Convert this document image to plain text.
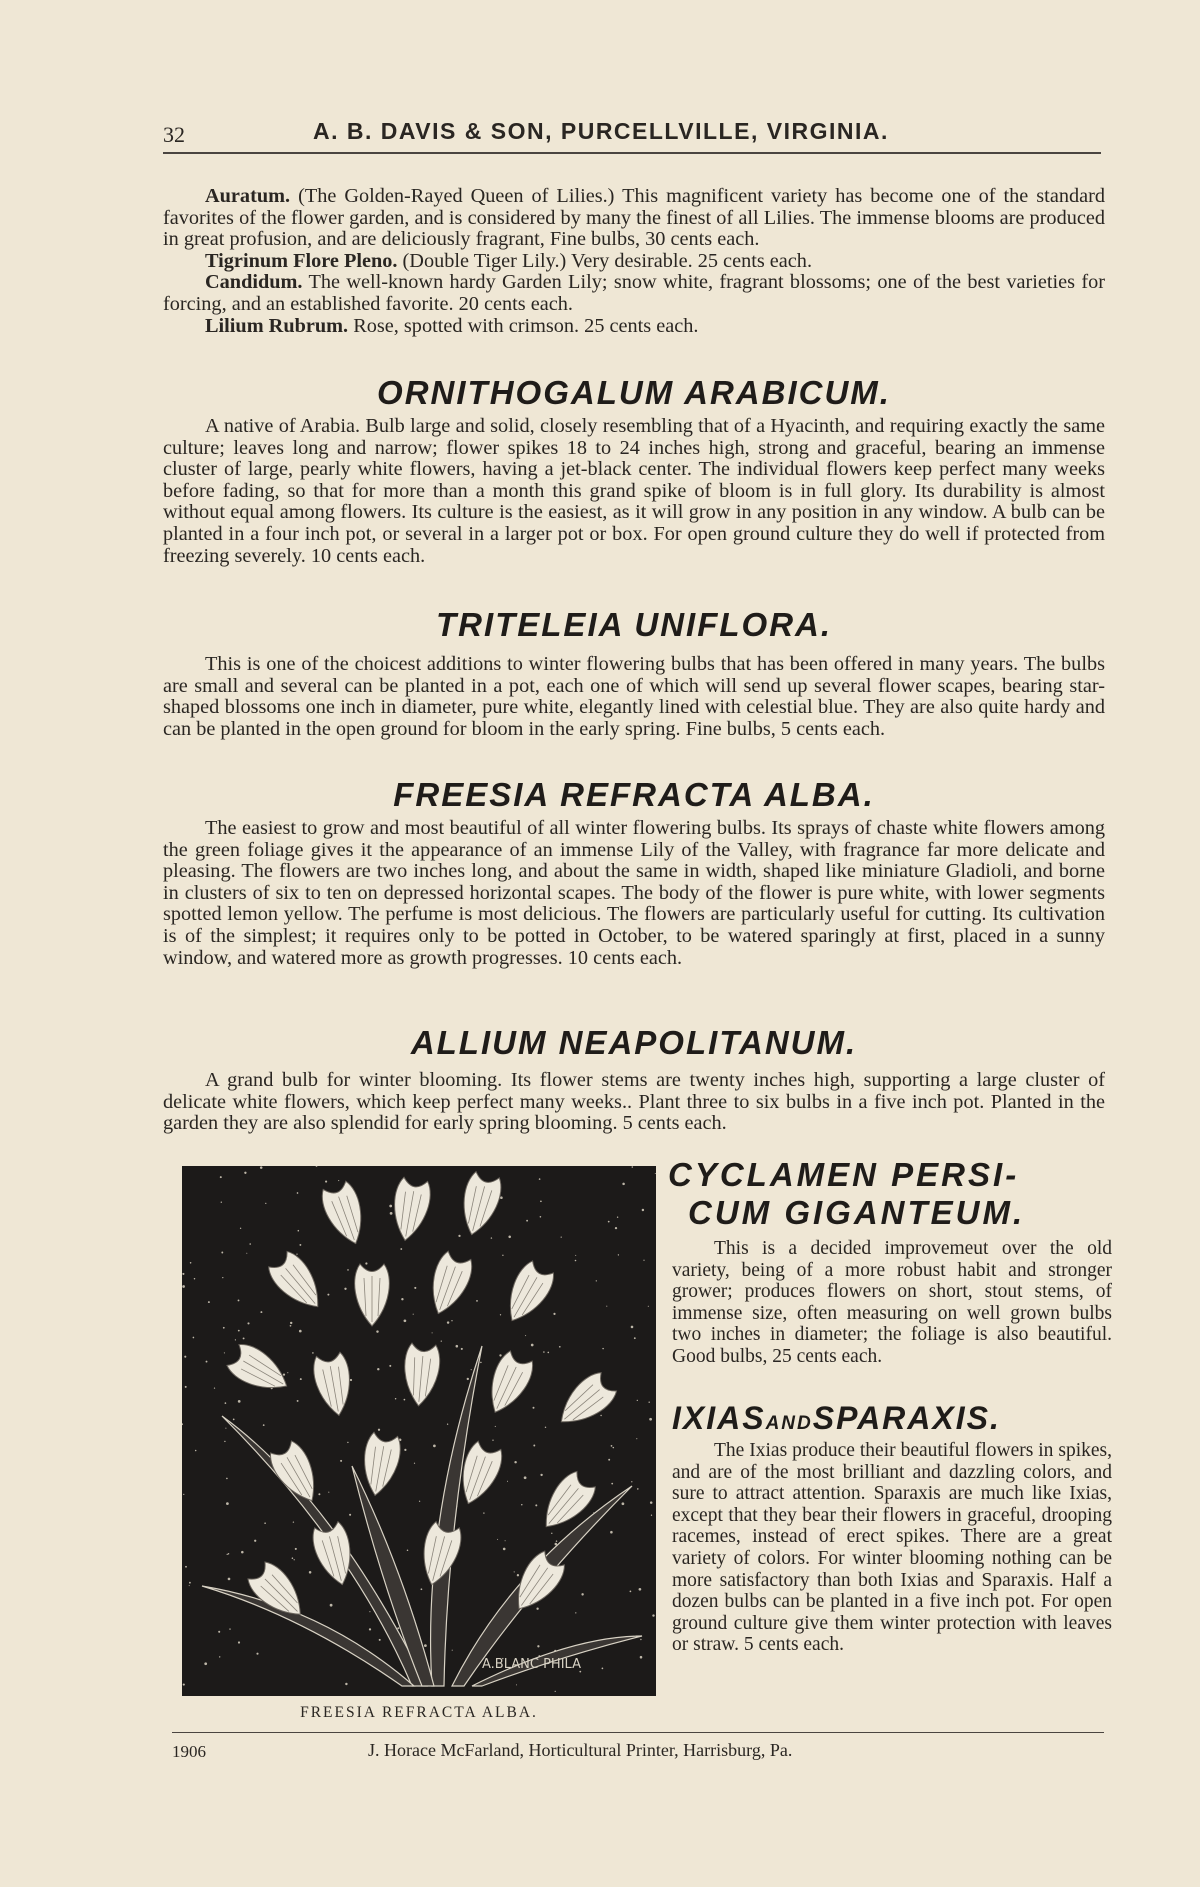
32	A. B. DAVIS & SON, PURCELLVILLE, VIRGINIA.

Auratum. (The Golden-Rayed Queen of Lilies.) This magnificent variety has become one of the standard favorites of the flower garden, and is considered by many the finest of all Lilies. The immense blooms are produced in great profusion, and are deliciously fragrant, Fine bulbs, 30 cents each.

Tigrinum Flore Pleno. (Double Tiger Lily.) Very desirable. 25 cents each.

Candidum. The well-known hardy Garden Lily; snow white, fragrant blossoms; one of the best varieties for forcing, and an established favorite. 20 cents each.

Lilium Rubrum. Rose, spotted with crimson. 25 cents each.

ORNITHOGALUM ARABICUM.

A native of Arabia. Bulb large and solid, closely resembling that of a Hyacinth, and requiring exactly the same culture; leaves long and narrow; flower spikes 18 to 24 inches high, strong and graceful, bearing an immense cluster of large, pearly white flowers, having a jet-black center. The individual flowers keep perfect many weeks before fading, so that for more than a month this grand spike of bloom is in full glory. Its durability is almost without equal among flowers. Its culture is the easiest, as it will grow in any position in any window. A bulb can be planted in a four inch pot, or several in a larger pot or box. For open ground culture they do well if protected from freezing severely. 10 cents each.

TRITELEIA UNIFLORA.

This is one of the choicest additions to winter flowering bulbs that has been offered in many years. The bulbs are small and several can be planted in a pot, each one of which will send up several flower scapes, bearing star-shaped blossoms one inch in diameter, pure white, elegantly lined with celestial blue. They are also quite hardy and can be planted in the open ground for bloom in the early spring. Fine bulbs, 5 cents each.

FREESIA REFRACTA ALBA.

The easiest to grow and most beautiful of all winter flowering bulbs. Its sprays of chaste white flowers among the green foliage gives it the appearance of an immense Lily of the Valley, with fragrance far more delicate and pleasing. The flowers are two inches long, and about the same in width, shaped like miniature Gladioli, and borne in clusters of six to ten on depressed horizontal scapes. The body of the flower is pure white, with lower segments spotted lemon yellow. The perfume is most delicious. The flowers are particularly useful for cutting. Its cultivation is of the simplest; it requires only to be potted in October, to be watered sparingly at first, placed in a sunny window, and watered more as growth progresses. 10 cents each.

ALLIUM NEAPOLITANUM.

A grand bulb for winter blooming. Its flower stems are twenty inches high, supporting a large cluster of delicate white flowers, which keep perfect many weeks.. Plant three to six bulbs in a five inch pot. Planted in the garden they are also splendid for early spring blooming. 5 cents each.

A.BLANC PHILA
FREESIA REFRACTA ALBA.
CYCLAMEN PERSI-
CUM GIGANTEUM.

This is a decided improvemeut over the old variety, being of a more robust habit and stronger grower; produces flowers on short, stout stems, of immense size, often measuring on well grown bulbs two inches in diameter; the foliage is also beautiful. Good bulbs, 25 cents each.

IXIASANDSPARAXIS.

The Ixias produce their beautiful flowers in spikes, and are of the most brilliant and dazzling colors, and sure to attract attention. Sparaxis are much like Ixias, except that they bear their flowers in graceful, drooping racemes, instead of erect spikes. There are a great variety of colors. For winter blooming nothing can be more satisfactory than both Ixias and Sparaxis. Half a dozen bulbs can be planted in a five inch pot. For open ground culture give them winter protection with leaves or straw. 5 cents each.

1906	J. Horace McFarland, Horticultural Printer, Harrisburg, Pa.
